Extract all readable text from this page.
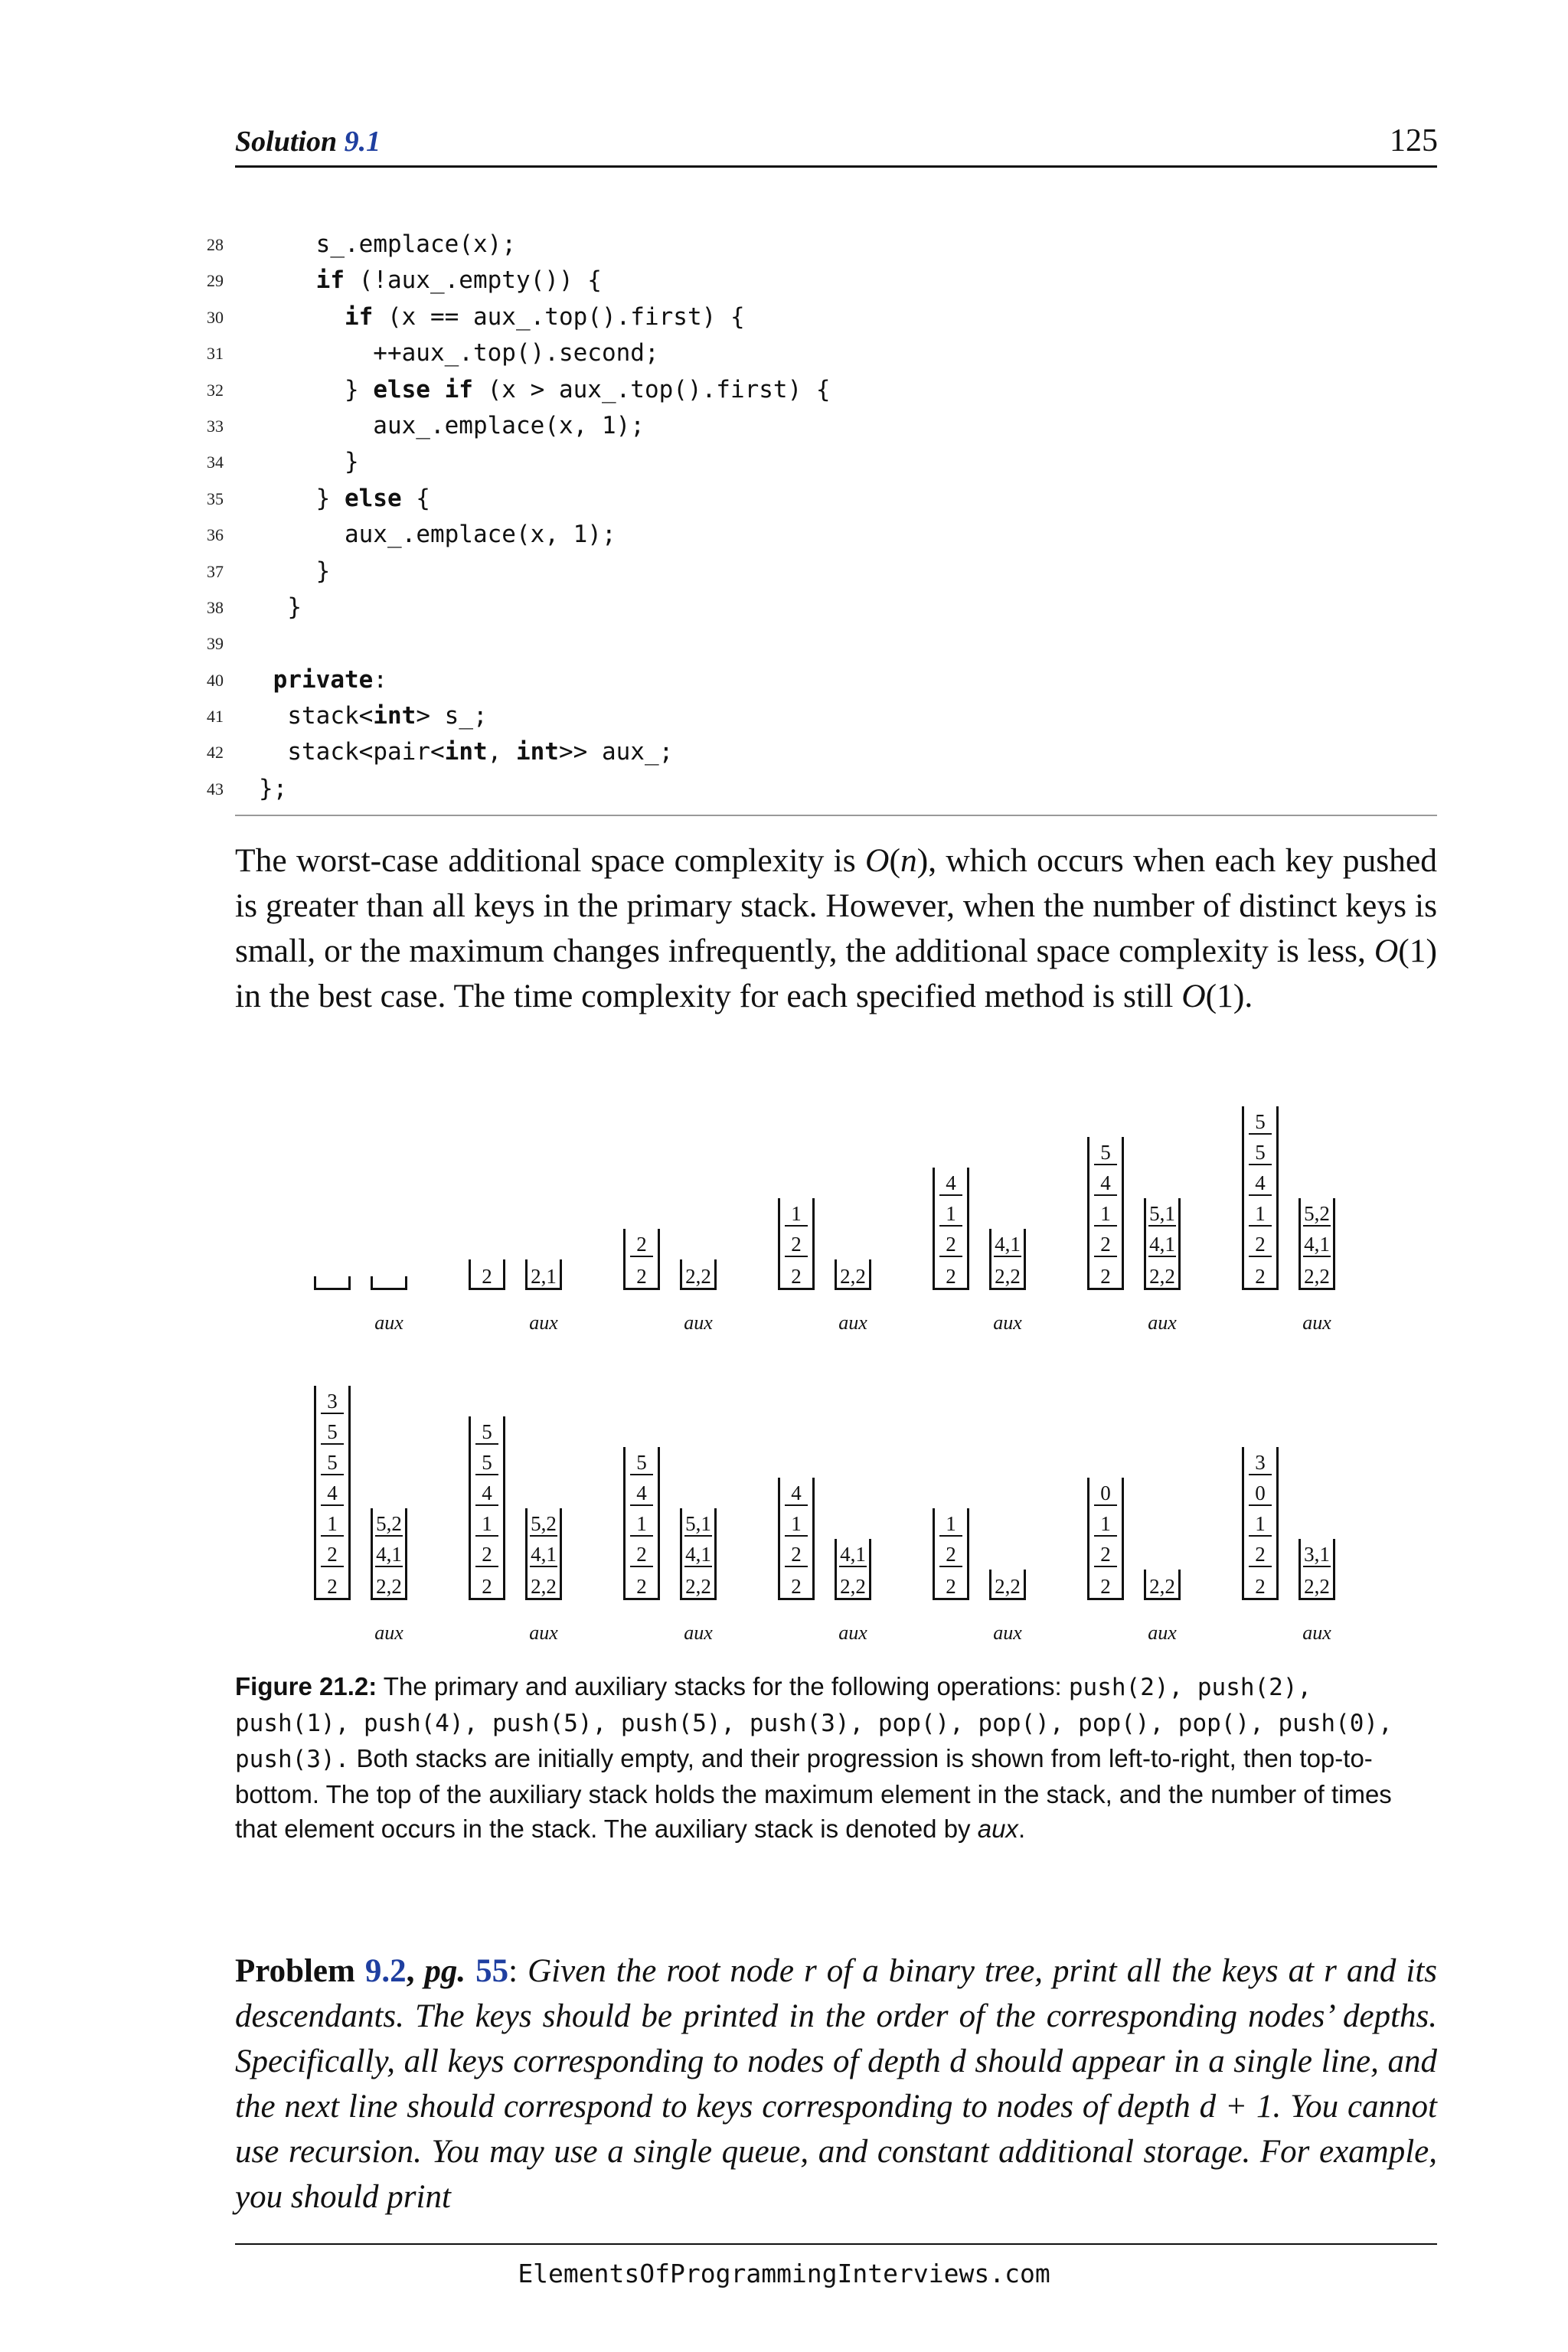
Solution 9.1	125
28    s_.emplace(x);
29	if (!aux_.empty()) {
30	if (x == aux_.top().first) {
31        ++aux_.top().second;
32      } else if (x > aux_.top().first) {
33        aux_.emplace(x, 1);
34      }
35    } else {
36      aux_.emplace(x, 1);
37    }
38  }
39
40 private:
41	stack<int> s_;
42	stack<pair<int, int>> aux_;
43 };
The worst-case additional space complexity is O(n), which occurs when each key pushed is greater than all keys in the primary stack. However, when the number of distinct keys is small, or the maximum changes infrequently, the additional space complexity is less, O(1) in the best case. The time complexity for each specified method is still O(1).
aux
2	2,1
aux
2
2
2,2
aux
2
2
1
2,2
aux
2
2
1
4
2,2
4,1
aux
2
2
1
4
5
2,2
4,1
5,1
aux
2
2
1
4
5
5
2,2
4,1
5,2
aux
2
2
1
4
5
5
3
2,2
4,1
5,2
aux
2
2
1
4
5
5
2,2
4,1
5,2
aux
2
2
1
4
5
2,2
4,1
5,1
aux
2
2
1
4
2,2
4,1
aux
2
2
1
2,2
aux
2
2
1
0
2,2
aux
2
2
1
0
3
2,2
3,1
aux
Figure 21.2: The primary and auxiliary stacks for the following operations: push(2), push(2), push(1), push(4), push(5), push(5), push(3), pop(), pop(), pop(), pop(), push(0), push(3). Both stacks are initially empty, and their progression is shown from left-to-right, then top-to-bottom. The top of the auxiliary stack holds the maximum element in the stack, and the number of times that element occurs in the stack. The auxiliary stack is denoted by aux.
Problem 9.2, pg. 55: Given the root node r of a binary tree, print all the keys at r and its descendants. The keys should be printed in the order of the corresponding nodes’ depths. Specifically, all keys corresponding to nodes of depth d should appear in a single line, and the next line should correspond to keys corresponding to nodes of depth d + 1. You cannot use recursion. You may use a single queue, and constant additional storage. For example, you should print
ElementsOfProgrammingInterviews.com
